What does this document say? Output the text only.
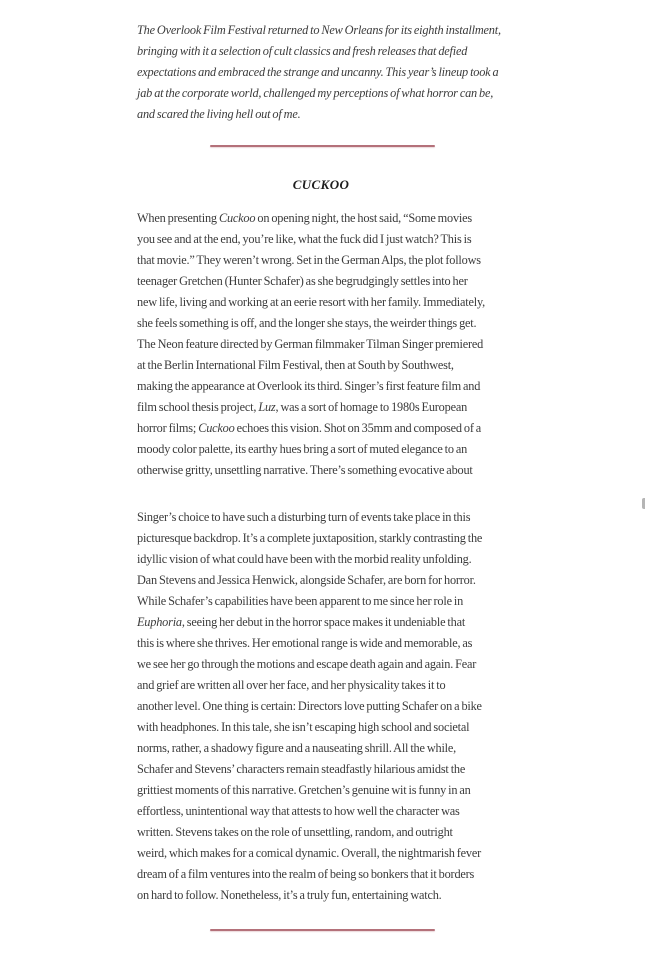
The Overlook Film Festival returned to New Orleans for its eighth installment,
bringing with it a selection of cult classics and fresh releases that defied
expectations and embraced the strange and uncanny. This year’s lineup took a
jab at the corporate world, challenged my perceptions of what horror can be,
and scared the living hell out of me.
CUCKOO
When presenting Cuckoo on opening night, the host said, “Some movies
you see and at the end, you’re like, what the fuck did I just watch? This is
that movie.” They weren’t wrong. Set in the German Alps, the plot follows
teenager Gretchen (Hunter Schafer) as she begrudgingly settles into her
new life, living and working at an eerie resort with her family. Immediately,
she feels something is off, and the longer she stays, the weirder things get.
The Neon feature directed by German filmmaker Tilman Singer premiered
at the Berlin International Film Festival, then at South by Southwest,
making the appearance at Overlook its third. Singer’s first feature film and
film school thesis project, Luz, was a sort of homage to 1980s European
horror films; Cuckoo echoes this vision. Shot on 35mm and composed of a
moody color palette, its earthy hues bring a sort of muted elegance to an
otherwise gritty, unsettling narrative. There’s something evocative about
Singer’s choice to have such a disturbing turn of events take place in this
picturesque backdrop. It’s a complete juxtaposition, starkly contrasting the
idyllic vision of what could have been with the morbid reality unfolding.
Dan Stevens and Jessica Henwick, alongside Schafer, are born for horror.
While Schafer’s capabilities have been apparent to me since her role in
Euphoria, seeing her debut in the horror space makes it undeniable that
this is where she thrives. Her emotional range is wide and memorable, as
we see her go through the motions and escape death again and again. Fear
and grief are written all over her face, and her physicality takes it to
another level. One thing is certain: Directors love putting Schafer on a bike
with headphones. In this tale, she isn’t escaping high school and societal
norms, rather, a shadowy figure and a nauseating shrill. All the while,
Schafer and Stevens’ characters remain steadfastly hilarious amidst the
grittiest moments of this narrative. Gretchen’s genuine wit is funny in an
effortless, unintentional way that attests to how well the character was
written. Stevens takes on the role of unsettling, random, and outright
weird, which makes for a comical dynamic. Overall, the nightmarish fever
dream of a film ventures into the realm of being so bonkers that it borders
on hard to follow. Nonetheless, it’s a truly fun, entertaining watch.
